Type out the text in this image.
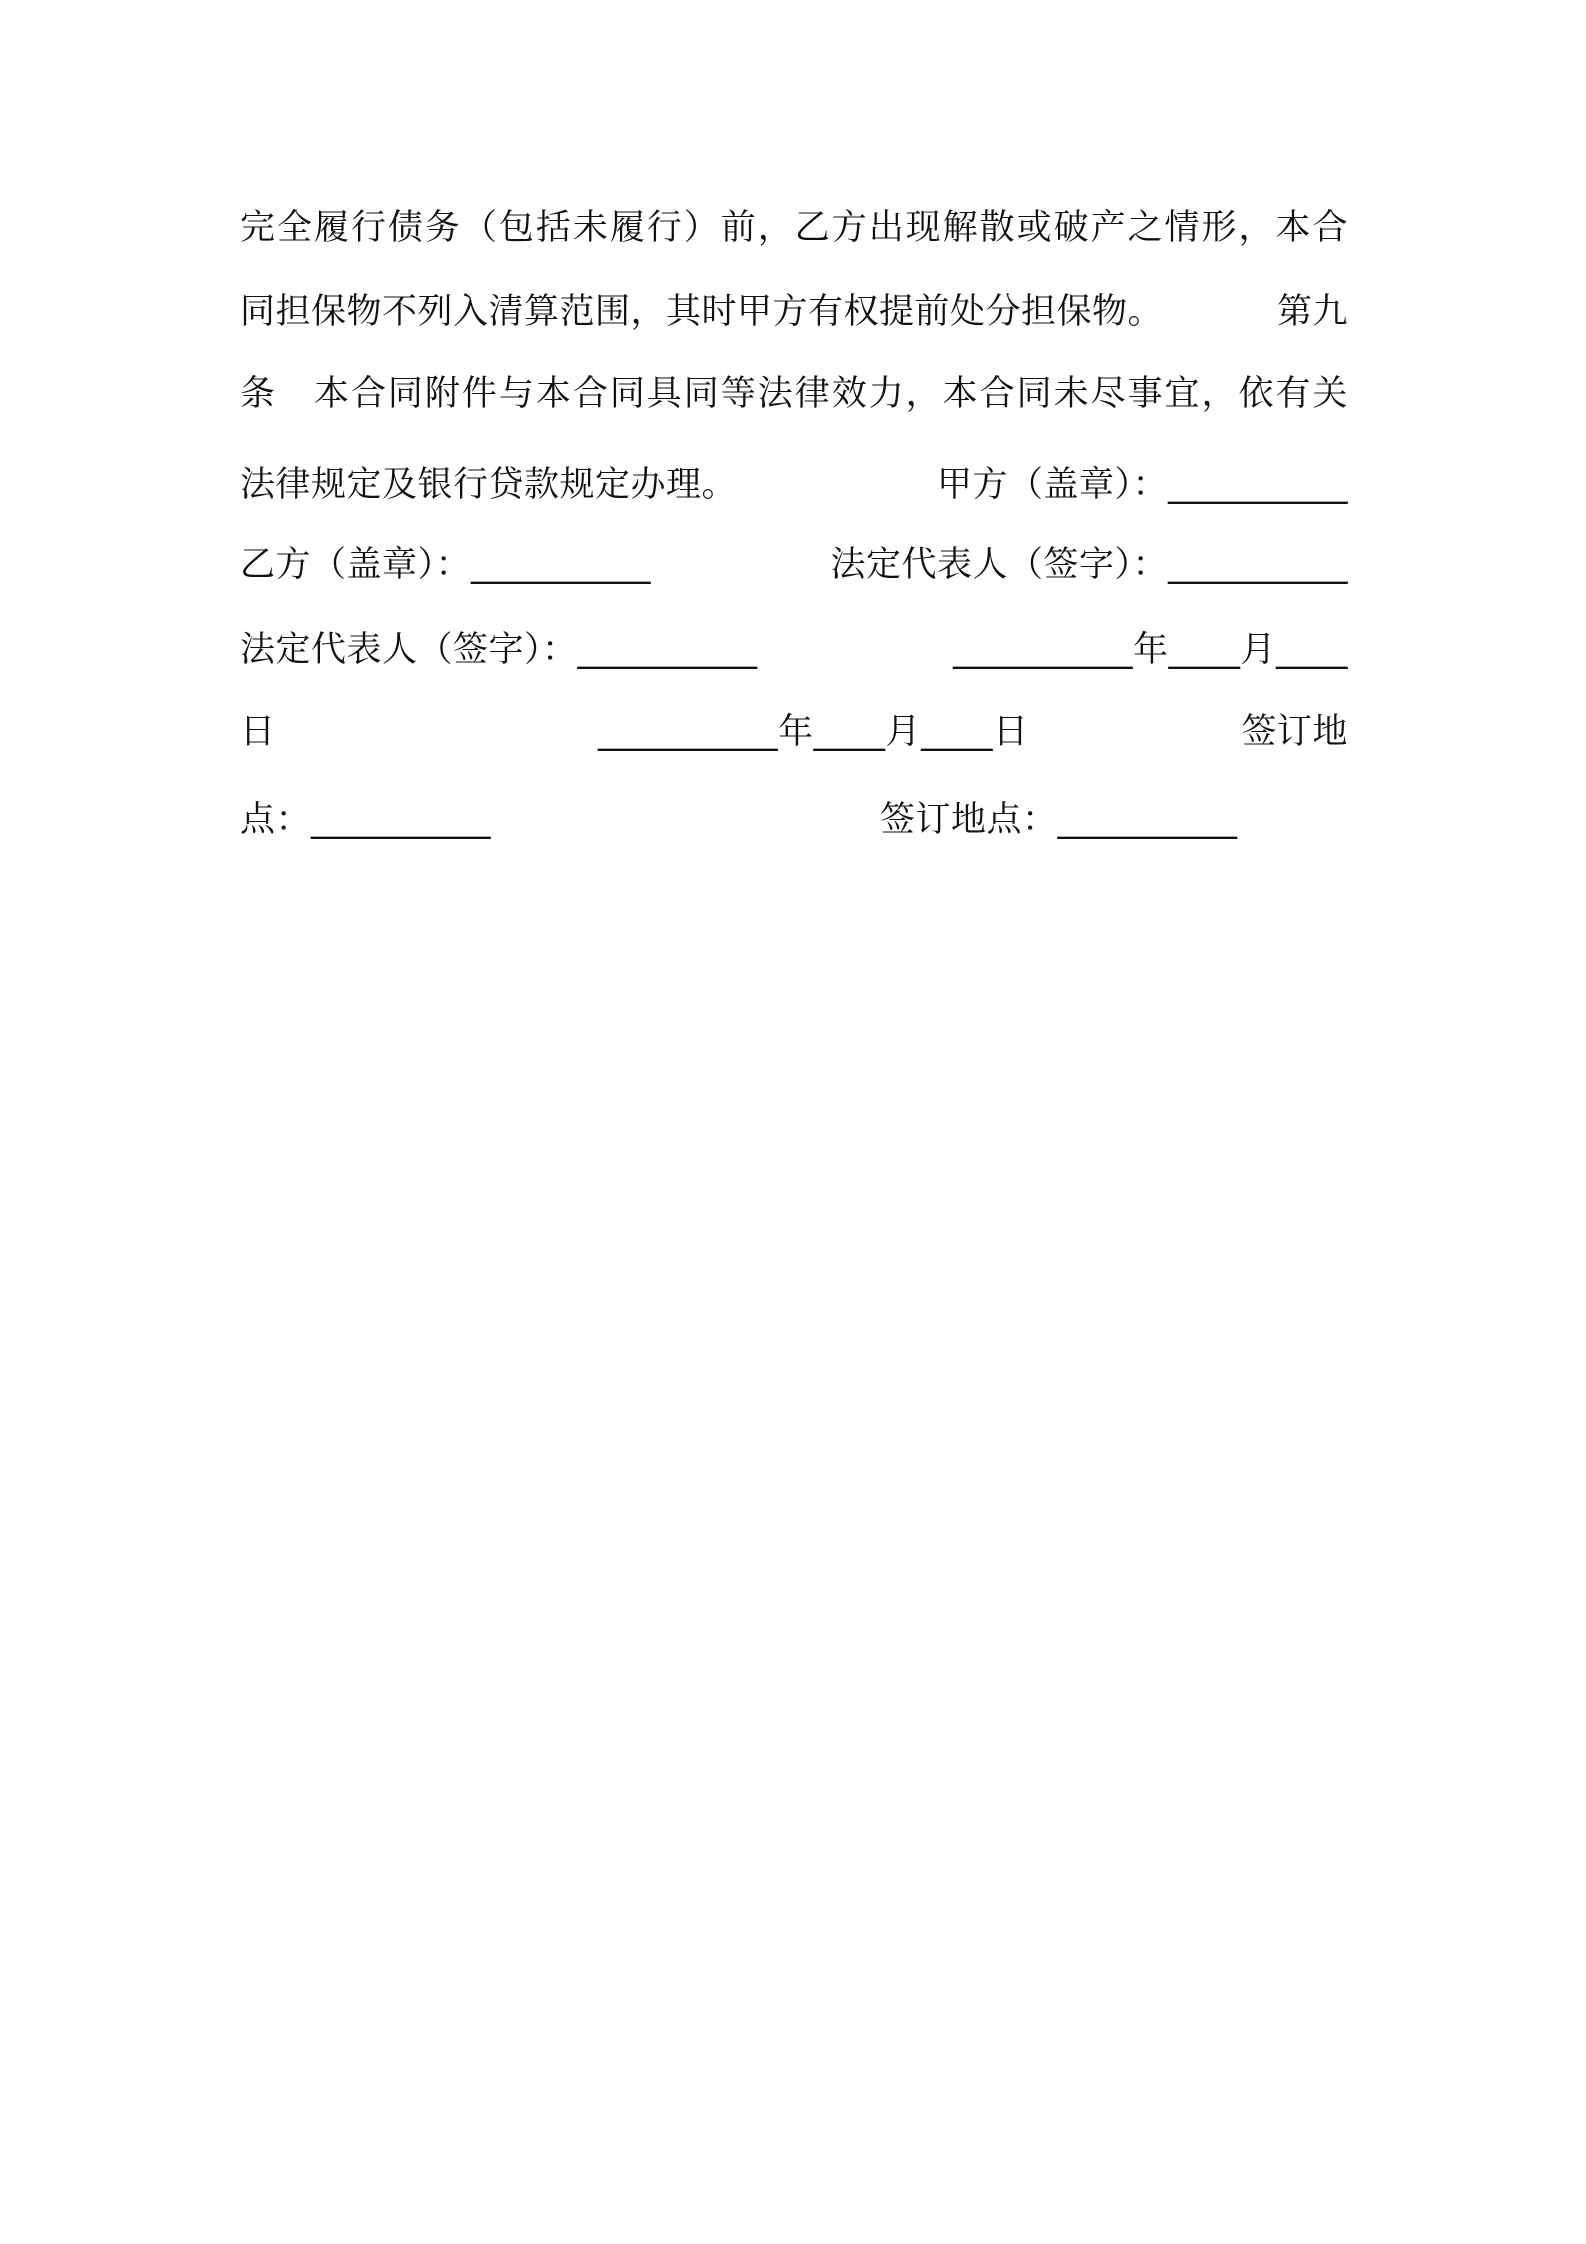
完全履行债务（包括未履行）前，乙方出现解散或破产之情形，本合

同担保物不列入清算范围，其时甲方有权提前处分担保物。

	第九

条　本合同附件与本合同具同等法律效力，本合同未尽事宜，依有关

法律规定及银行贷款规定办理。

	甲方（盖章）：__________

乙方（盖章）：__________

	法定代表人（签字）：__________

法定代表人（签字）：__________

	__________年____月____

日

	__________年____月____日

	签订地

点：__________

	签订地点：__________
